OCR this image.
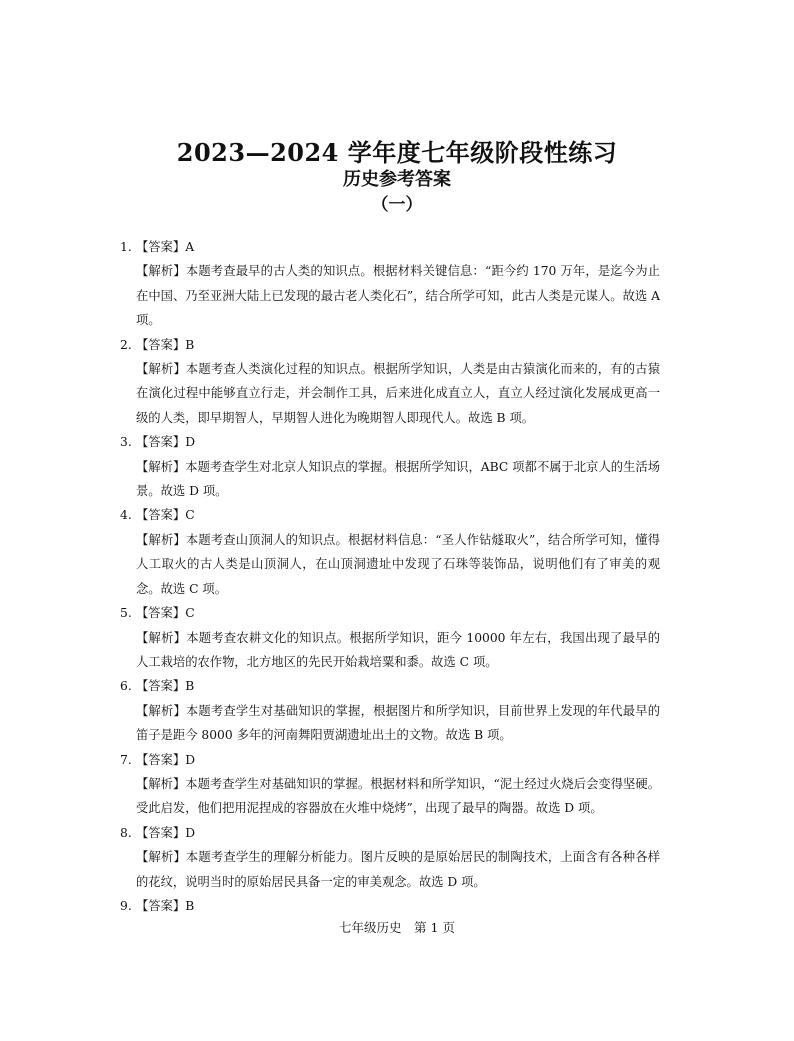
2023—2024 学年度七年级阶段性练习
历史参考答案
（一）
1. 【答案】A
【解析】本题考查最早的古人类的知识点。根据材料关键信息：“距今约 170 万年，是迄今为止在中国、乃至亚洲大陆上已发现的最古老人类化石”，结合所学可知，此古人类是元谋人。故选 A 项。
2. 【答案】B
【解析】本题考查人类演化过程的知识点。根据所学知识，人类是由古猿演化而来的，有的古猿在演化过程中能够直立行走，并会制作工具，后来进化成直立人，直立人经过演化发展成更高一级的人类，即早期智人，早期智人进化为晚期智人即现代人。故选 B 项。
3. 【答案】D
【解析】本题考查学生对北京人知识点的掌握。根据所学知识，ABC 项都不属于北京人的生活场景。故选 D 项。
4. 【答案】C
【解析】本题考查山顶洞人的知识点。根据材料信息：“圣人作钻燧取火”，结合所学可知，懂得人工取火的古人类是山顶洞人，在山顶洞遗址中发现了石珠等装饰品，说明他们有了审美的观念。故选 C 项。
5. 【答案】C
【解析】本题考查农耕文化的知识点。根据所学知识，距今 10000 年左右，我国出现了最早的人工栽培的农作物，北方地区的先民开始栽培粟和黍。故选 C 项。
6. 【答案】B
【解析】本题考查学生对基础知识的掌握，根据图片和所学知识，目前世界上发现的年代最早的笛子是距今 8000 多年的河南舞阳贾湖遗址出土的文物。故选 B 项。
7. 【答案】D
【解析】本题考查学生对基础知识的掌握。根据材料和所学知识，“泥土经过火烧后会变得坚硬。受此启发，他们把用泥捏成的容器放在火堆中烧烤”，出现了最早的陶器。故选 D 项。
8. 【答案】D
【解析】本题考查学生的理解分析能力。图片反映的是原始居民的制陶技术，上面含有各种各样的花纹，说明当时的原始居民具备一定的审美观念。故选 D 项。
9. 【答案】B
七年级历史　第 1 页
